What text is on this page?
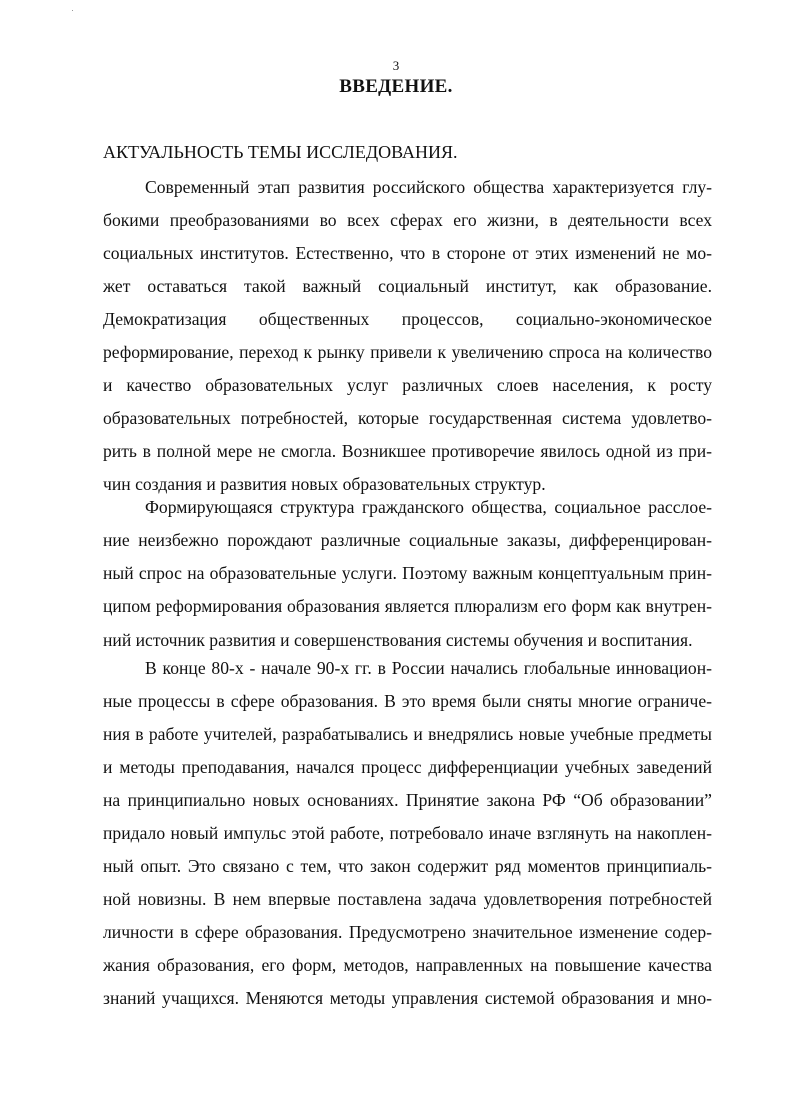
3
ВВЕДЕНИЕ.
АКТУАЛЬНОСТЬ ТЕМЫ ИССЛЕДОВАНИЯ.
Современный этап развития российского общества характеризуется глу-
бокими преобразованиями во всех сферах его жизни, в деятельности всех
социальных институтов. Естественно, что в стороне от этих изменений не мо-
жет оставаться такой важный социальный институт, как образование.
Демократизация общественных процессов, социально-экономическое
реформирование, переход к рынку привели к увеличению спроса на количество
и качество образовательных услуг различных слоев населения, к росту
образовательных потребностей, которые государственная система удовлетво-
рить в полной мере не смогла. Возникшее противоречие явилось одной из при-
чин создания и развития новых образовательных структур.
Формирующаяся структура гражданского общества, социальное расслое-
ние неизбежно порождают различные социальные заказы, дифференцирован-
ный спрос на образовательные услуги. Поэтому важным концептуальным прин-
ципом реформирования образования является плюрализм его форм как внутрен-
ний источник развития и совершенствования системы обучения и воспитания.
В конце 80-х - начале 90-х гг. в России начались глобальные инновацион-
ные процессы в сфере образования. В это время были сняты многие ограниче-
ния в работе учителей, разрабатывались и внедрялись новые учебные предметы
и методы преподавания, начался процесс дифференциации учебных заведений
на принципиально новых основаниях. Принятие закона РФ “Об образовании”
придало новый импульс этой работе, потребовало иначе взглянуть на накоплен-
ный опыт. Это связано с тем, что закон содержит ряд моментов принципиаль-
ной новизны. В нем впервые поставлена задача удовлетворения потребностей
личности в сфере образования. Предусмотрено значительное изменение содер-
жания образования, его форм, методов, направленных на повышение качества
знаний учащихся. Меняются методы управления системой образования и мно-
